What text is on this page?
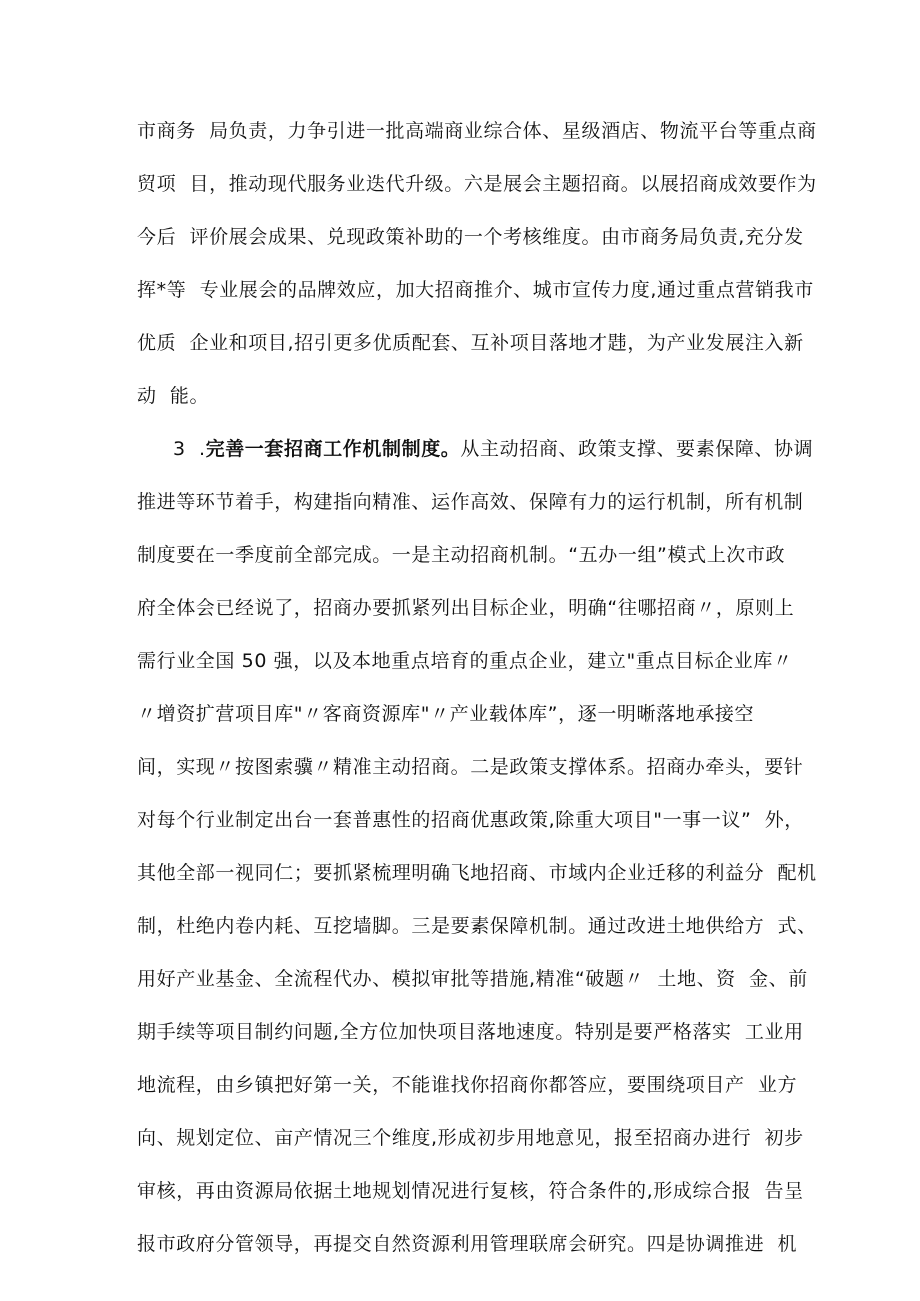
市商务  局负责，力争引进一批高端商业综合体、星级酒店、物流平台等重点商
贸项  目，推动现代服务业迭代升级。六是展会主题招商。以展招商成效要作为
今后  评价展会成果、兑现政策补助的一个考核维度。由市商务局负责,充分发
挥*等  专业展会的品牌效应，加大招商推介、城市宣传力度,通过重点营销我市
优质  企业和项目,招引更多优质配套、互补项目落地才韪，为产业发展注入新
动  能。
3  .完善一套招商工作机制制度。从主动招商、政策支撑、要素保障、协调
推进等环节着手，构建指向精准、运作高效、保障有力的运行机制，所有机制
制度要在一季度前全部完成。一是主动招商机制。“五办一组”模式上次市政
府全体会已经说了，招商办要抓紧列出目标企业，明确“往哪招商〃，原则上
需行业全国 50 强，以及本地重点培育的重点企业，建立"重点目标企业库〃
〃增资扩营项目库"〃客商资源库"〃产业载体库”，逐一明晰落地承接空
间，实现〃按图索骥〃精准主动招商。二是政策支撑体系。招商办牵头，要针
对每个行业制定出台一套普惠性的招商优惠政策,除重大项目"一事一议”  外，
其他全部一视同仁；要抓紧梳理明确飞地招商、市域内企业迁移的利益分  配机
制，杜绝内卷内耗、互挖墙脚。三是要素保障机制。通过改进土地供给方  式、
用好产业基金、全流程代办、模拟审批等措施,精准“破题〃  土地、资  金、前
期手续等项目制约问题,全方位加快项目落地速度。特别是要严格落实  工业用
地流程，由乡镇把好第一关，不能谁找你招商你都答应，要围绕项目产  业方
向、规划定位、亩产情况三个维度,形成初步用地意见，报至招商办进行  初步
审核，再由资源局依据土地规划情况进行复核，符合条件的,形成综合报  告呈
报市政府分管领导，再提交自然资源利用管理联席会研究。四是协调推进  机
